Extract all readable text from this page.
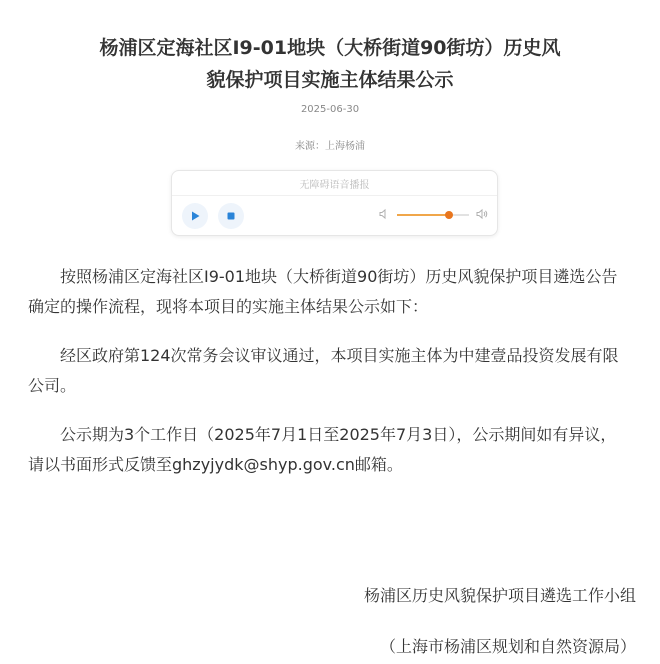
杨浦区定海社区I9-01地块（大桥街道90街坊）历史风
貌保护项目实施主体结果公示
2025-06-30
来源：上海杨浦
无障碍语音播报

按照杨浦区定海社区I9-01地块（大桥街道90街坊）历史风貌保护项目遴选公告确定的操作流程，现将本项目的实施主体结果公示如下：

经区政府第124次常务会议审议通过，本项目实施主体为中建壹品投资发展有限公司。

公示期为3个工作日（2025年7月1日至2025年7月3日），公示期间如有异议，请以书面形式反馈至ghzyjydk@shyp.gov.cn邮箱。

杨浦区历史风貌保护项目遴选工作小组
（上海市杨浦区规划和自然资源局）
